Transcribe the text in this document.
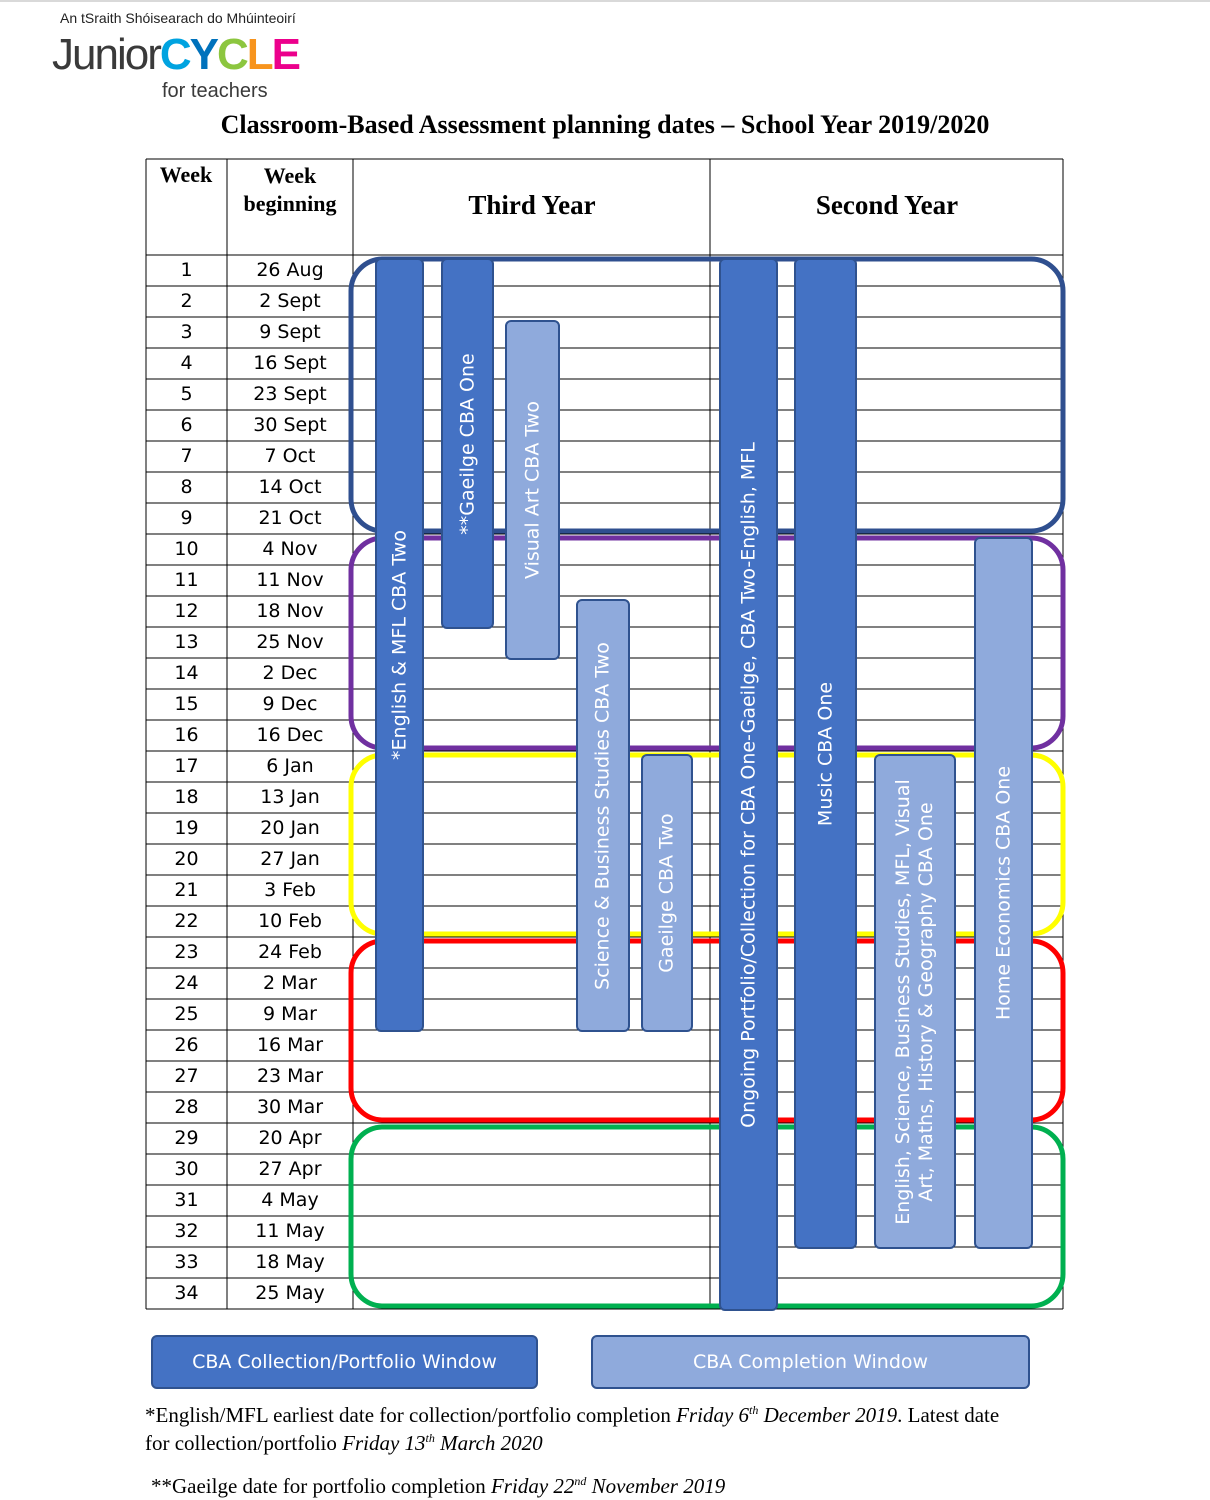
An tSraith Shóisearach do Mhúinteoirí
JuniorCYCLE
for teachers
Classroom-Based Assessment planning dates – School Year 2019/2020
Week	Week beginning	Third Year	Second Year
1	26 Aug
2	2 Sept
3	9 Sept
4	16 Sept
5	23 Sept
6	30 Sept
7	7 Oct
8	14 Oct
9	21 Oct
10	4 Nov
11	11 Nov
12	18 Nov
13	25 Nov
14	2 Dec
15	9 Dec
16	16 Dec
17	6 Jan
18	13 Jan
19	20 Jan
20	27 Jan
21	3 Feb
22	10 Feb
23	24 Feb
24	2 Mar
25	9 Mar
26	16 Mar
27	23 Mar
28	30 Mar
29	20 Apr
30	27 Apr
31	4 May
32	11 May
33	18 May
34	25 May
*English & MFL CBA Two
**Gaeilge CBA One Visual Art CBA Two
Science & Business Studies CBA Two Gaeilge CBA Two	Ongoing Portfolio/Collection for CBA One-Gaeilge, CBA Two-English, MFL	Music CBA One
English, Science, Business Studies, MFL, Visual
Art, Maths, History & Geography CBA One	Home Economics CBA One
CBA Collection/Portfolio Window	CBA Completion Window
*English/MFL earliest date for collection/portfolio completion Friday 6th December 2019. Latest date
for collection/portfolio Friday 13th March 2020
**Gaeilge date for portfolio completion Friday 22nd November 2019
